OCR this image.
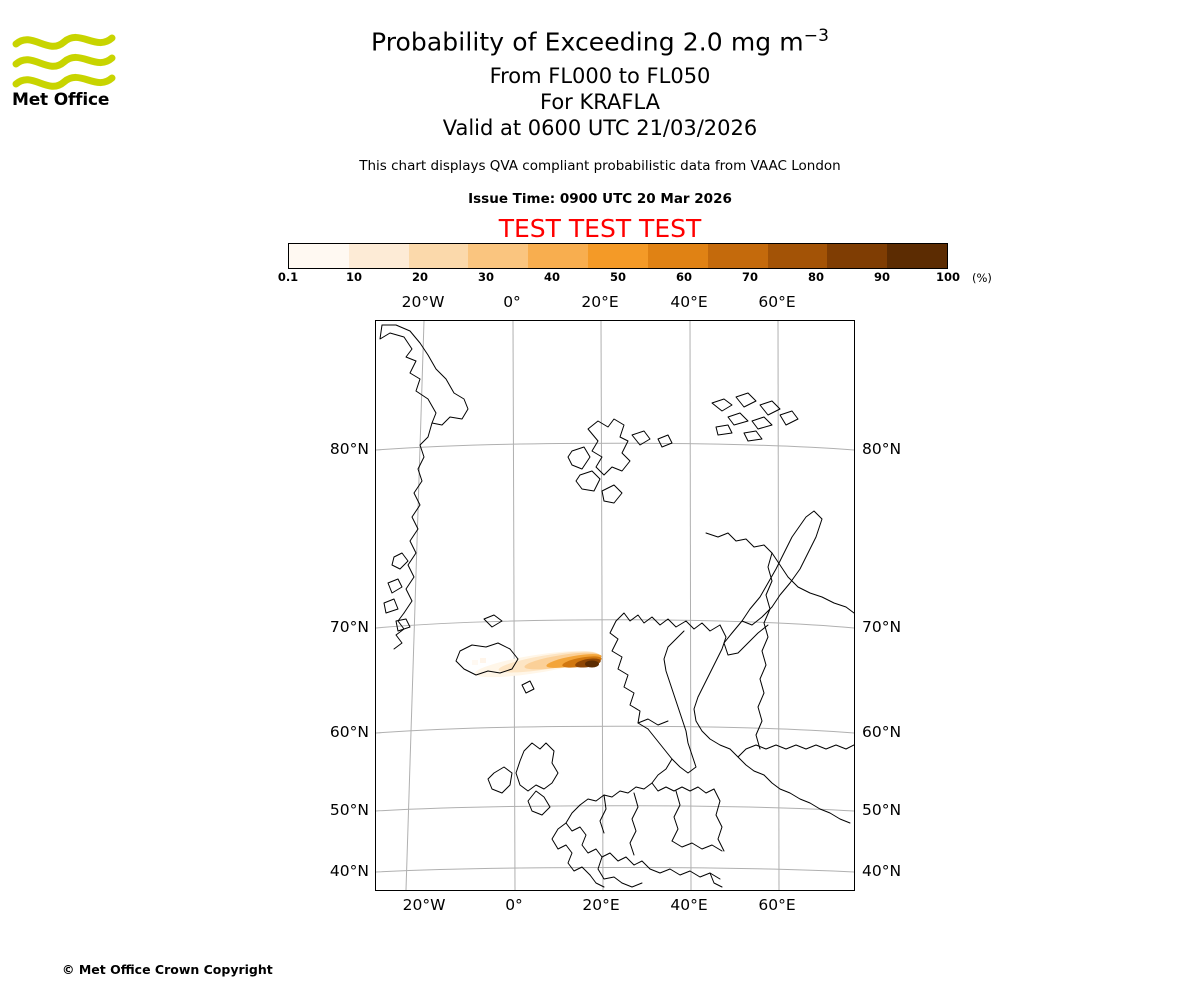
Met Office
Probability of Exceeding 2.0 mg $m^{-3}$
From FL000 to FL050
For KRAFLA
Valid at 0600 UTC 21/03/2026
This chart displays QVA compliant probabilistic data from VAAC London
Issue Time: 0900 UTC 20 Mar 2026
TEST TEST TEST
0.1	10	20	30	40	50	60	70	80	90	100 (%)
20°W	0°	20°E	40°E	60°E
20°W	0°	20°E	40°E	60°E
80°N
70°N
60°N
50°N
40°N
80°N
70°N
60°N
50°N
40°N
© Met Office Crown Copyright
